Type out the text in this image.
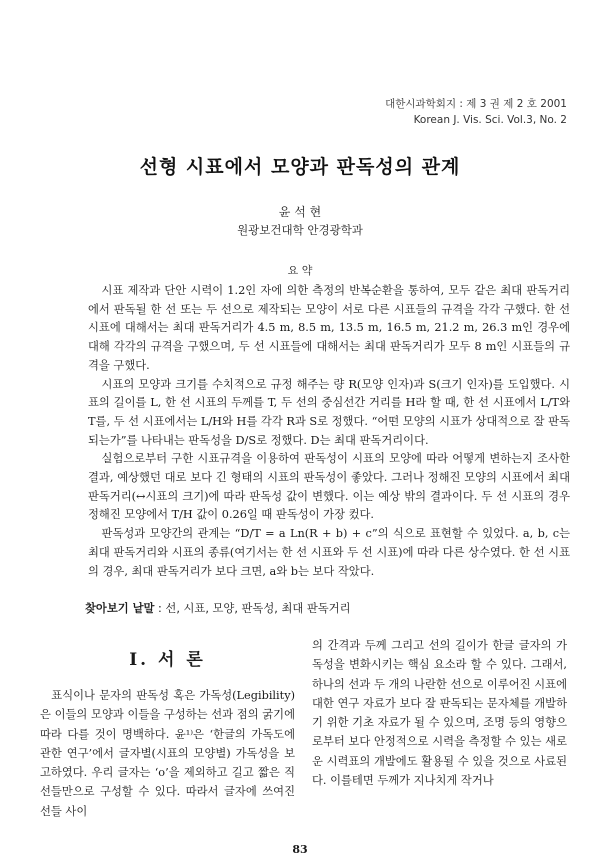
대한시과학회지 : 제 3 권 제 2 호 2001
Korean J. Vis. Sci. Vol.3, No. 2
선형 시표에서 모양과 판독성의 관계
윤 석 현
원광보건대학 안경광학과
요 약

시표 제작과 단안 시력이 1.2인 자에 의한 측정의 반복순환을 통하여, 모두 같은 최대 판독거리에서 판독될 한 선 또는 두 선으로 제작되는 모양이 서로 다른 시표들의 규격을 각각 구했다. 한 선 시표에 대해서는 최대 판독거리가 4.5 m, 8.5 m, 13.5 m, 16.5 m, 21.2 m, 26.3 m인 경우에 대해 각각의 규격을 구했으며, 두 선 시표들에 대해서는 최대 판독거리가 모두 8 m인 시표들의 규격을 구했다.

시표의 모양과 크기를 수치적으로 규정 해주는 량 R(모양 인자)과 S(크기 인자)를 도입했다. 시표의 길이를 L, 한 선 시표의 두께를 T, 두 선의 중심선간 거리를 H라 할 때, 한 선 시표에서 L/T와 T를, 두 선 시표에서는 L/H와 H를 각각 R과 S로 정했다. “어떤 모양의 시표가 상대적으로 잘 판독되는가”를 나타내는 판독성을 D/S로 정했다. D는 최대 판독거리이다.

실험으로부터 구한 시표규격을 이용하여 판독성이 시표의 모양에 따라 어떻게 변하는지 조사한 결과, 예상했던 대로 보다 긴 형태의 시표의 판독성이 좋았다. 그러나 정해진 모양의 시표에서 최대 판독거리(↔시표의 크기)에 따라 판독성 값이 변했다. 이는 예상 밖의 결과이다. 두 선 시표의 경우 정해진 모양에서 T/H 값이 0.26일 때 판독성이 가장 컸다.

판독성과 모양간의 관계는 “D/T = a Ln(R + b) + c”의 식으로 표현할 수 있었다. a, b, c는 최대 판독거리와 시표의 종류(여기서는 한 선 시표와 두 선 시표)에 따라 다른 상수였다. 한 선 시표의 경우, 최대 판독거리가 보다 크면, a와 b는 보다 작았다.

찾아보기 낱말 : 선, 시표, 모양, 판독성, 최대 판독거리
I. 서 론

표식이나 문자의 판독성 혹은 가독성(Legibility)은 이들의 모양과 이들을 구성하는 선과 점의 굵기에 따라 다를 것이 명백하다. 윤¹⁾은 ‘한글의 가독도에 관한 연구’에서 글자별(시표의 모양별) 가독성을 보고하였다. 우리 글자는 ‘o’을 제외하고 길고 짧은 직선들만으로 구성할 수 있다. 따라서 글자에 쓰여진 선들 사이

의 간격과 두께 그리고 선의 길이가 한글 글자의 가독성을 변화시키는 핵심 요소라 할 수 있다. 그래서, 하나의 선과 두 개의 나란한 선으로 이루어진 시표에 대한 연구 자료가 보다 잘 판독되는 문자체를 개발하기 위한 기초 자료가 될 수 있으며, 조명 등의 영향으로부터 보다 안정적으로 시력을 측정할 수 있는 새로운 시력표의 개발에도 활용될 수 있을 것으로 사료된다. 이를테면 두께가 지나치게 작거나

83
